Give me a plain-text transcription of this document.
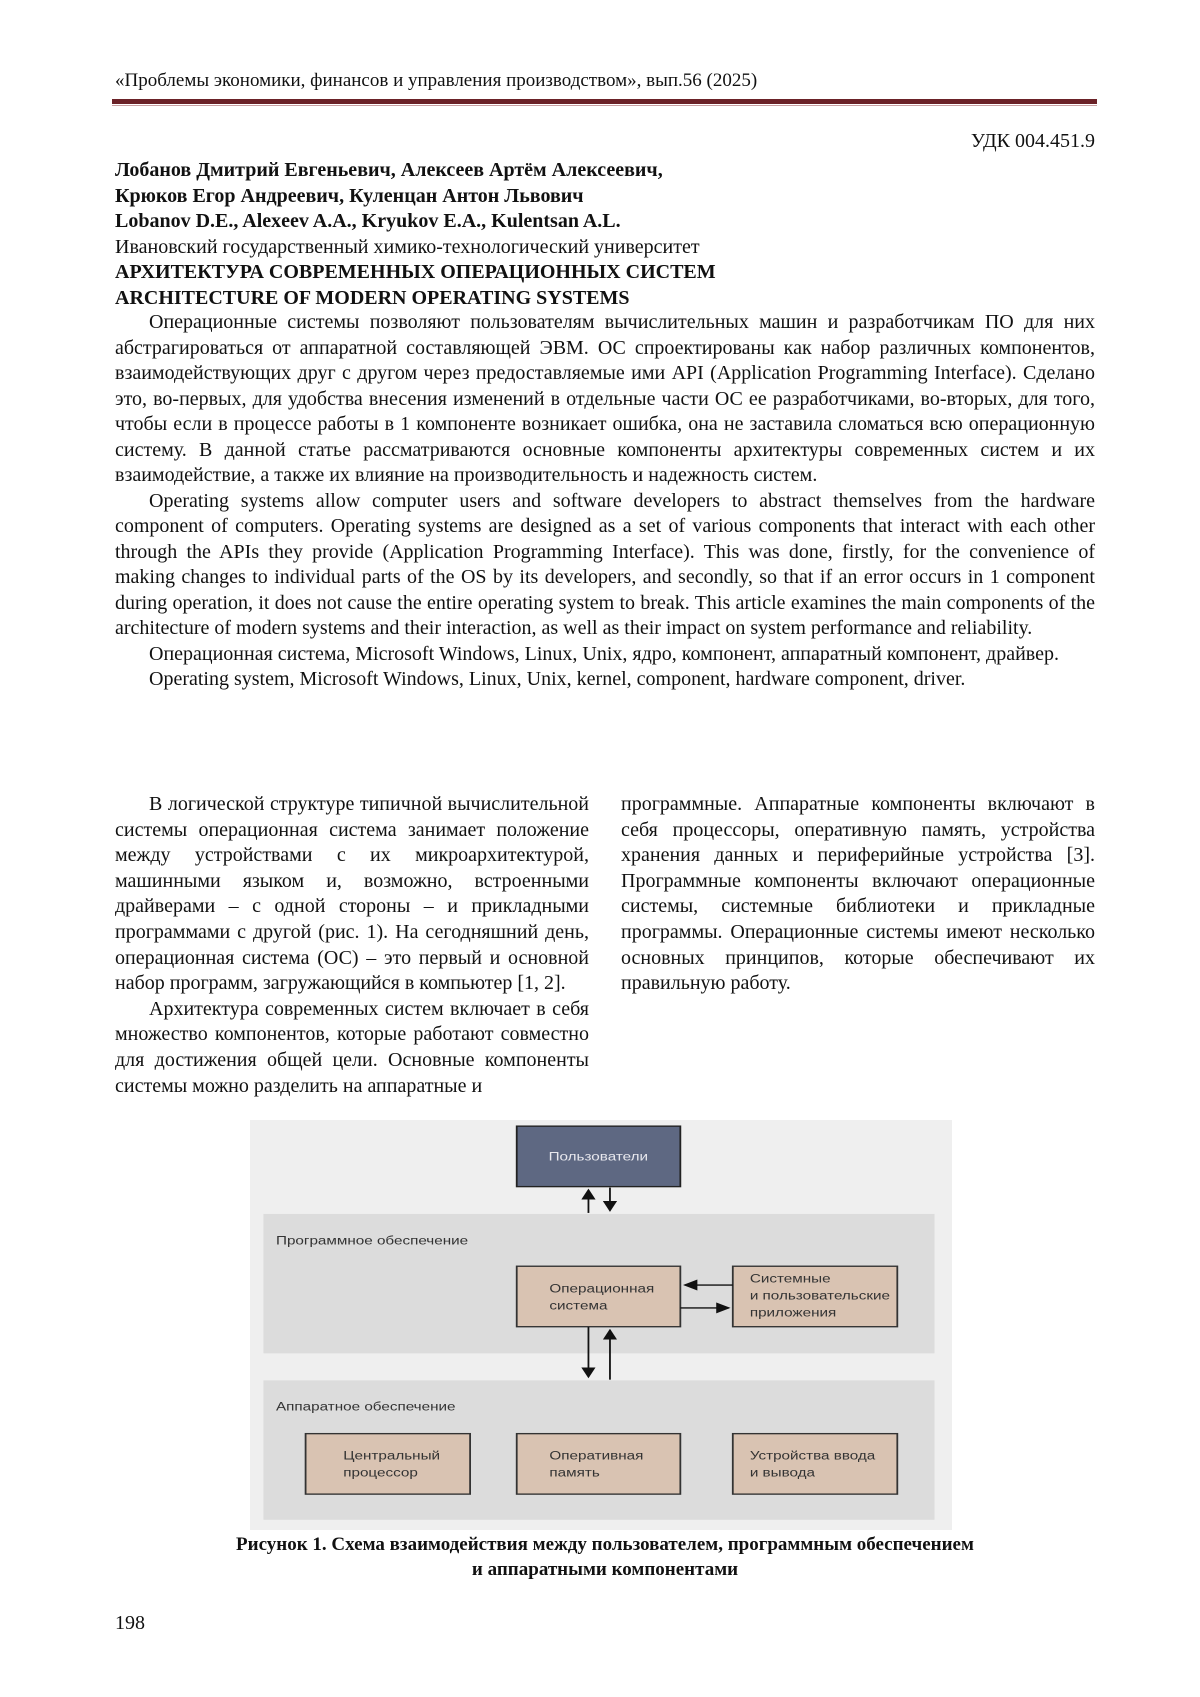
«Проблемы экономики, финансов и управления производством», вып.56 (2025)
УДК 004.451.9
Лобанов Дмитрий Евгеньевич, Алексеев Артём Алексеевич,
Крюков Егор Андреевич, Куленцан Антон Львович
Lobanov D.E., Alexeev A.A., Kryukov E.A., Kulentsan A.L.
Ивановский государственный химико-технологический университет
АРХИТЕКТУРА СОВРЕМЕННЫХ ОПЕРАЦИОННЫХ СИСТЕМ
ARCHITECTURE OF MODERN OPERATING SYSTEMS

Операционные системы позволяют пользователям вычислительных машин и разработчикам ПО для них абстрагироваться от аппаратной составляющей ЭВМ. ОС спроектированы как набор различных компонентов, взаимодействующих друг с другом через предоставляемые ими API (Application Programming Interface). Сделано это, во-первых, для удобства внесения изменений в отдельные части ОС ее разработчиками, во-вторых, для того, чтобы если в процессе работы в 1 компоненте возникает ошибка, она не заставила сломаться всю операционную систему. В данной статье рассматриваются основные компоненты архитектуры современных систем и их взаимодействие, а также их влияние на производительность и надежность систем.

Operating systems allow computer users and software developers to abstract themselves from the hardware component of computers. Operating systems are designed as a set of various components that interact with each other through the APIs they provide (Application Programming Interface). This was done, firstly, for the convenience of making changes to individual parts of the OS by its developers, and secondly, so that if an error occurs in 1 component during operation, it does not cause the entire operating system to break. This article examines the main components of the architecture of modern systems and their interaction, as well as their impact on system performance and reliability.

Операционная система, Microsoft Windows, Linux, Unix, ядро, компонент, аппаратный компонент, драйвер.

Operating system, Microsoft Windows, Linux, Unix, kernel, component, hardware component, driver.

В логической структуре типичной вычислительной системы операционная система занимает положение между устройствами с их микроархитектурой, машинными языком и, возможно, встроенными драйверами – с одной стороны – и прикладными программами с другой (рис. 1). На сегодняшний день, операционная система (ОС) – это первый и основной набор программ, загружающийся в компьютер [1, 2].

Архитектура современных систем включает в себя множество компонентов, которые работают совместно для достижения общей цели. Основные компоненты системы можно разделить на аппаратные и

программные. Аппаратные компоненты включают в себя процессоры, оперативную память, устройства хранения данных и периферийные устройства [3]. Программные компоненты включают операционные системы, системные библиотеки и прикладные программы. Операционные системы имеют несколько основных принципов, которые обеспечивают их правильную работу.

Пользователи
Программное обеспечение
Аппаратное обеспечение
Операционная
система
Системные
и пользовательские
приложения
Центральный
процессор
Оперативная
память
Устройства ввода
и вывода
Рисунок 1. Схема взаимодействия между пользователем, программным обеспечением
и аппаратными компонентами
198
